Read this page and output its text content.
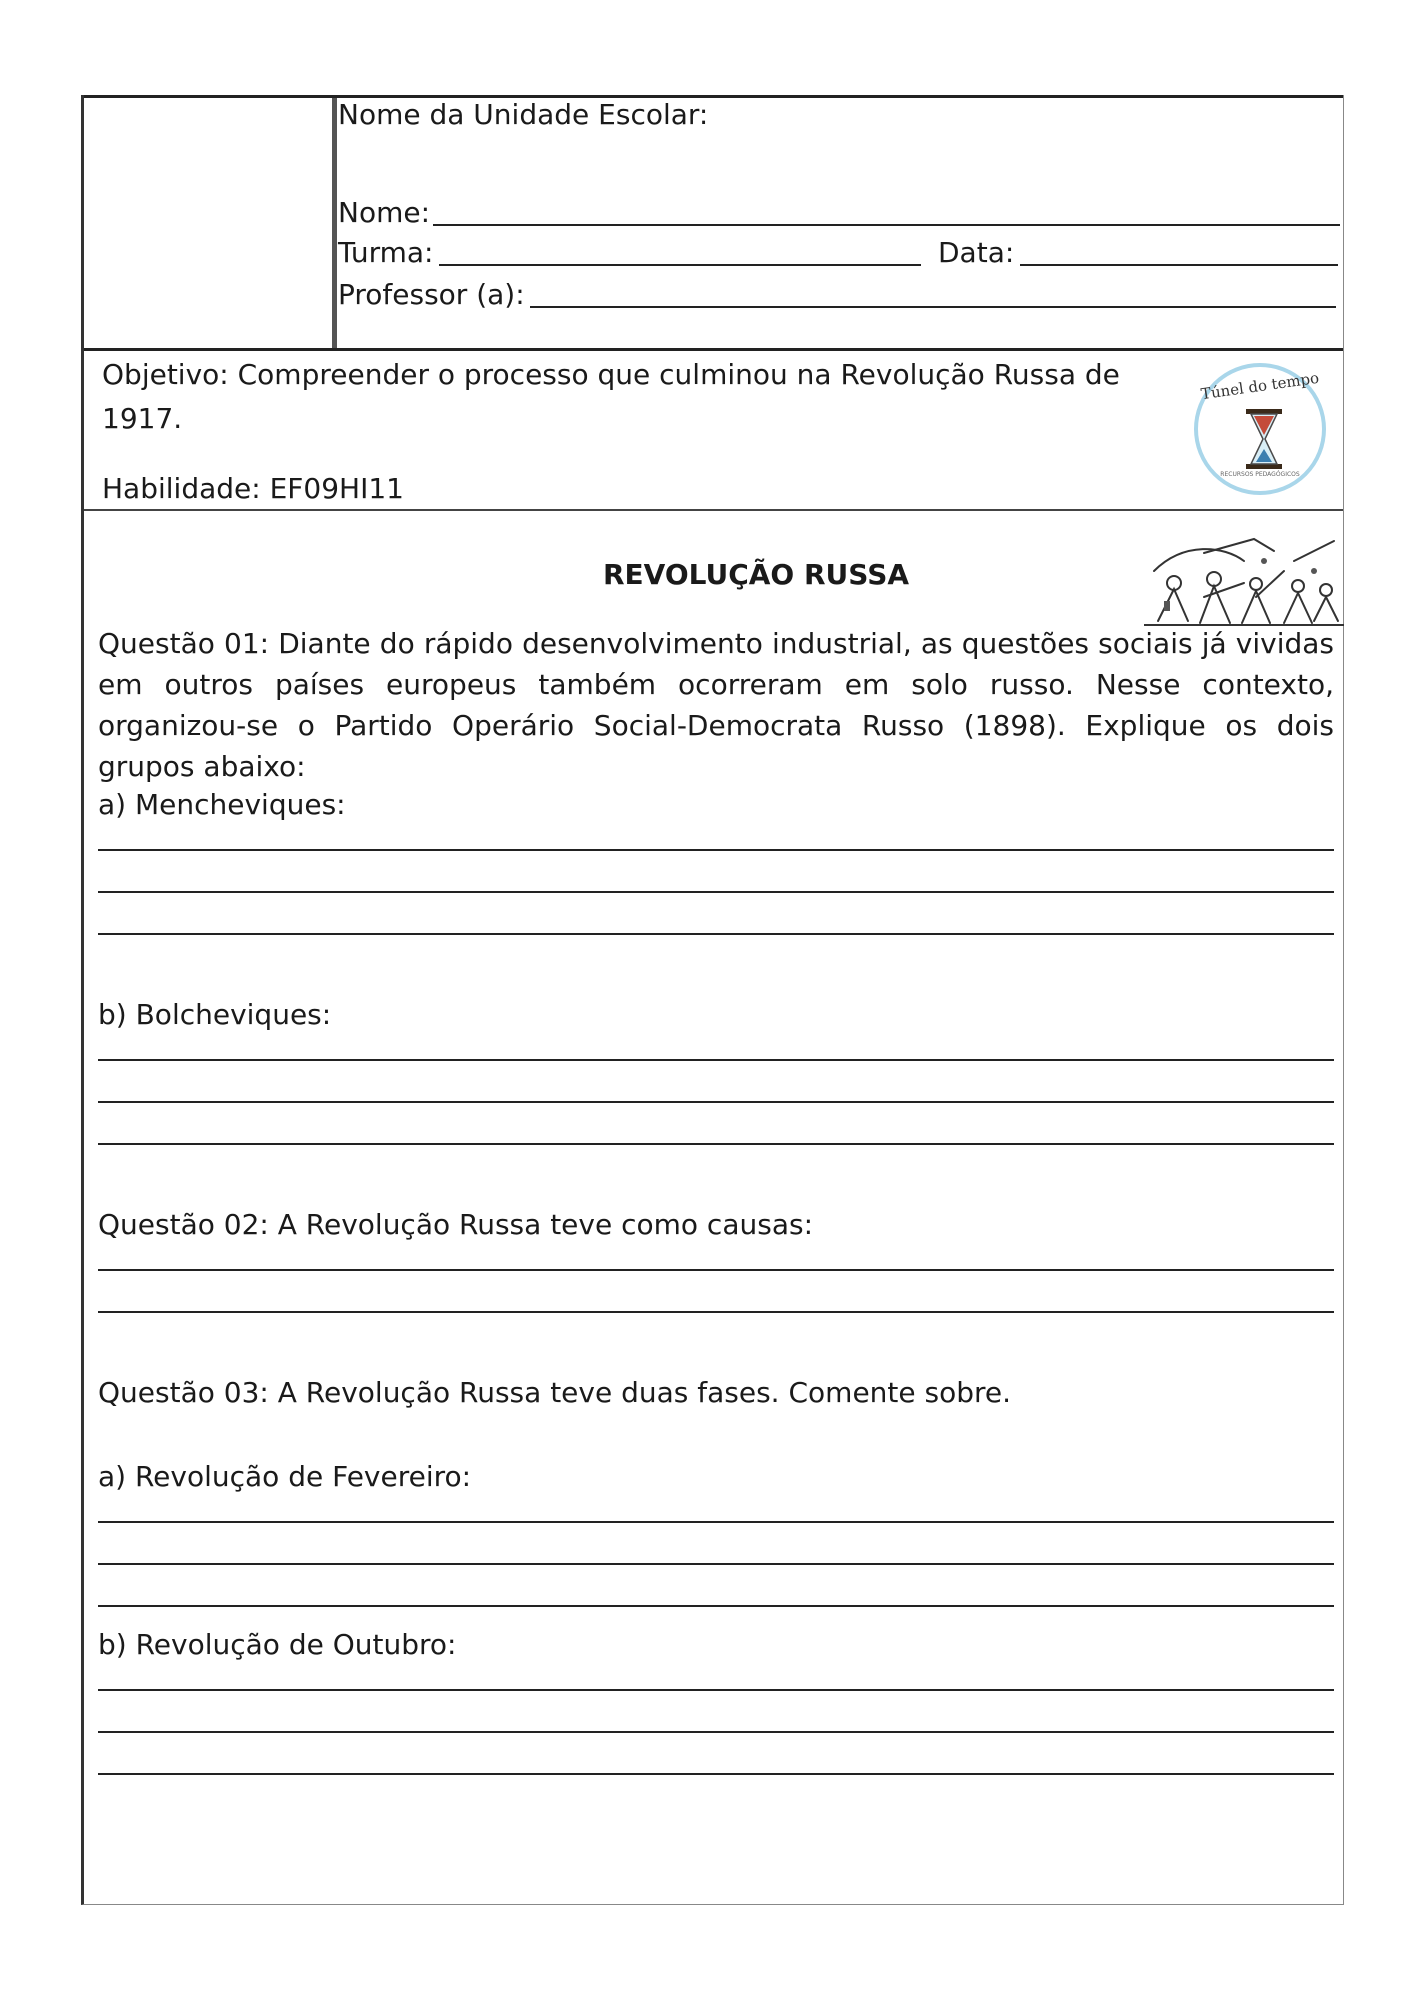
Nome da Unidade Escolar:
Nome:
Turma:	Data:
Professor (a):
Objetivo: Compreender o processo que culminou na Revolução Russa de 1917.
Habilidade: EF09HI11
Túnel do tempo
RECURSOS PEDAGÓGICOS
REVOLUÇÃO RUSSA
Questão 01: Diante do rápido desenvolvimento industrial, as questões sociais já vividas em outros países europeus também ocorreram em solo russo. Nesse contexto, organizou-se o Partido Operário Social-Democrata Russo (1898). Explique os dois grupos abaixo:
a) Mencheviques:
b) Bolcheviques:
Questão 02: A Revolução Russa teve como causas:
Questão 03: A Revolução Russa teve duas fases. Comente sobre.
a) Revolução de Fevereiro:
b) Revolução de Outubro:
